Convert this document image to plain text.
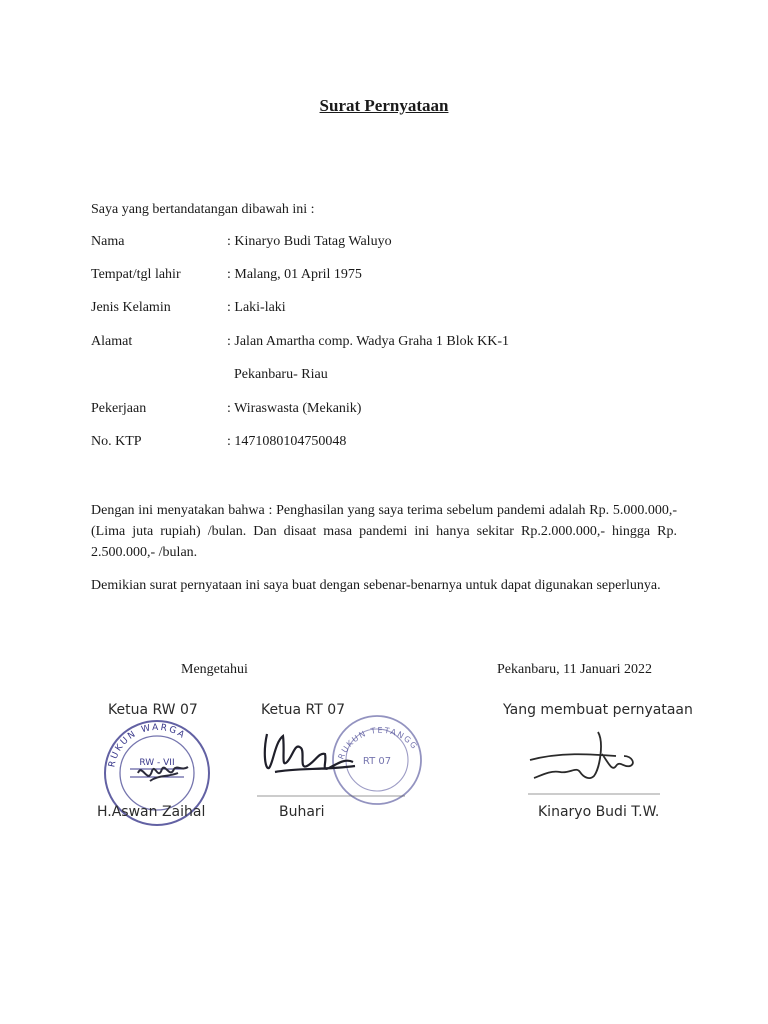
Surat Pernyataan
Saya yang bertandatangan dibawah ini :
Nama	: Kinaryo Budi Tatag Waluyo
Tempat/tgl lahir	: Malang, 01 April 1975
Jenis Kelamin	: Laki-laki
Alamat	: Jalan Amartha comp. Wadya Graha 1 Blok KK-1
Pekanbaru- Riau
Pekerjaan	: Wiraswasta (Mekanik)
No. KTP	: 1471080104750048
Dengan ini menyatakan bahwa : Penghasilan yang saya terima sebelum pandemi adalah Rp. 5.000.000,- (Lima juta rupiah) /bulan. Dan disaat masa pandemi ini hanya sekitar Rp.2.000.000,- hingga Rp. 2.500.000,- /bulan.
Demikian surat pernyataan ini saya buat dengan sebenar-benarnya untuk dapat digunakan seperlunya.
Mengetahui	Pekanbaru, 11 Januari 2022
Ketua RW 07
RUKUN WARGA
RW - VII
H.Aswan Zaihal
Ketua RT 07
RUKUN TETANGGA
RT 07
Buhari
Yang membuat pernyataan
Kinaryo Budi T.W.
